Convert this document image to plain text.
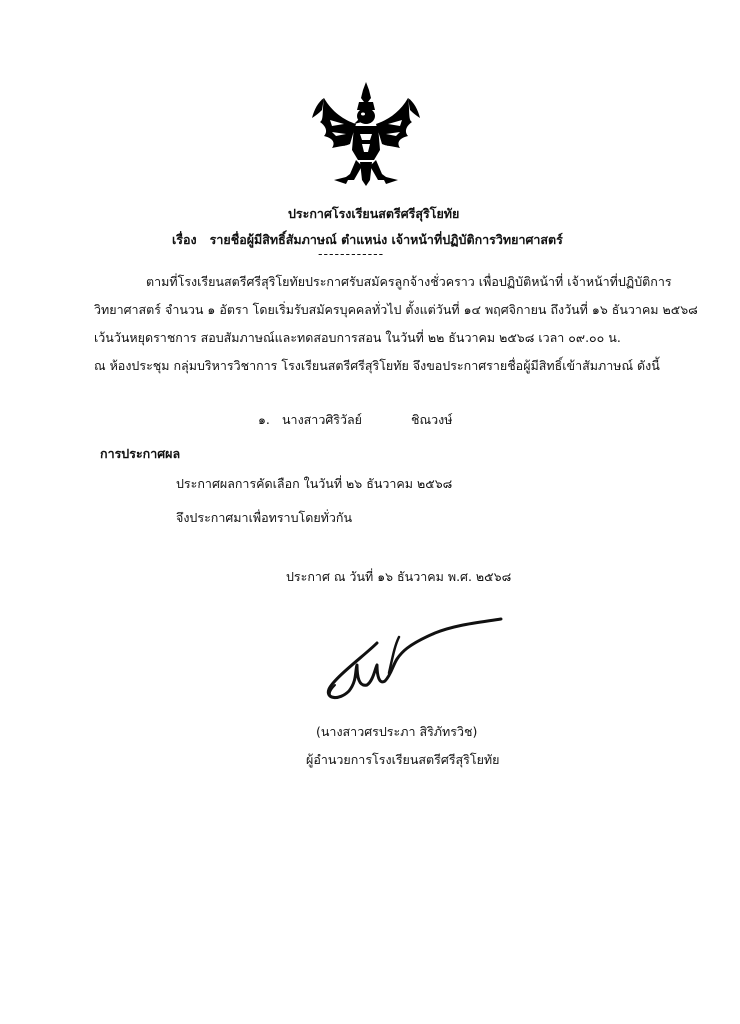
ประกาศโรงเรียนสตรีศรีสุริโยทัย
เรื่อง รายชื่อผู้มีสิทธิ์สัมภาษณ์ ตำแหน่ง เจ้าหน้าที่ปฏิบัติการวิทยาศาสตร์
------------
ตามที่โรงเรียนสตรีศรีสุริโยทัยประกาศรับสมัครลูกจ้างชั่วคราว เพื่อปฏิบัติหน้าที่ เจ้าหน้าที่ปฏิบัติการ
วิทยาศาสตร์ จำนวน ๑ อัตรา โดยเริ่มรับสมัครบุคคลทั่วไป ตั้งแต่วันที่ ๑๔ พฤศจิกายน ถึงวันที่ ๑๖ ธันวาคม ๒๕๖๘
เว้นวันหยุดราชการ สอบสัมภาษณ์และทดสอบการสอน ในวันที่ ๒๒ ธันวาคม ๒๕๖๘ เวลา ๐๙.๐๐ น.
ณ ห้องประชุม กลุ่มบริหารวิชาการ โรงเรียนสตรีศรีสุริโยทัย จึงขอประกาศรายชื่อผู้มีสิทธิ์เข้าสัมภาษณ์ ดังนี้
๑. นางสาวศิริวัลย์	ชิณวงษ์
การประกาศผล
ประกาศผลการคัดเลือก ในวันที่ ๒๖ ธันวาคม ๒๕๖๘
จึงประกาศมาเพื่อทราบโดยทั่วกัน
ประกาศ ณ วันที่ ๑๖ ธันวาคม พ.ศ. ๒๕๖๘
(นางสาวศรประภา สิริภัทรวิช)
ผู้อำนวยการโรงเรียนสตรีศรีสุริโยทัย
